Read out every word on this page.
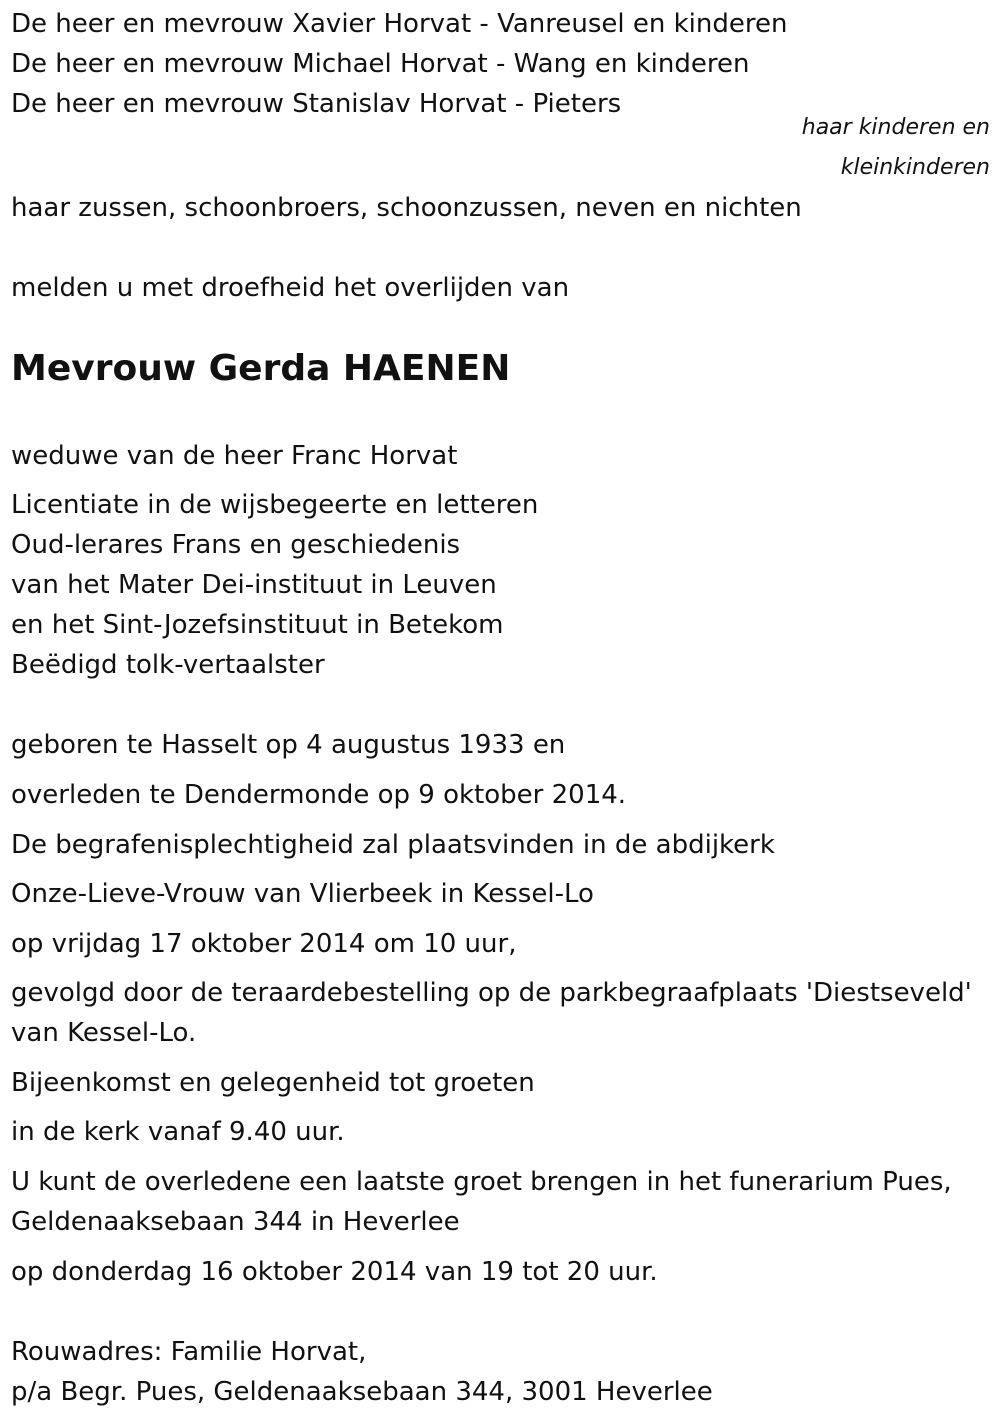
De heer en mevrouw Xavier Horvat - Vanreusel en kinderen
De heer en mevrouw Michael Horvat - Wang en kinderen
De heer en mevrouw Stanislav Horvat - Pieters
haar kinderen en
kleinkinderen
haar zussen, schoonbroers, schoonzussen, neven en nichten
melden u met droefheid het overlijden van
Mevrouw Gerda HAENEN
weduwe van de heer Franc Horvat
Licentiate in de wijsbegeerte en letteren
Oud-lerares Frans en geschiedenis
van het Mater Dei-instituut in Leuven
en het Sint-Jozefsinstituut in Betekom
Beëdigd tolk-vertaalster
geboren te Hasselt op 4 augustus 1933 en
overleden te Dendermonde op 9 oktober 2014.
De begrafenisplechtigheid zal plaatsvinden in de abdijkerk
Onze-Lieve-Vrouw van Vlierbeek in Kessel-Lo
op vrijdag 17 oktober 2014 om 10 uur,
gevolgd door de teraardebestelling op de parkbegraafplaats 'Diestseveld'
van Kessel-Lo.
Bijeenkomst en gelegenheid tot groeten
in de kerk vanaf 9.40 uur.
U kunt de overledene een laatste groet brengen in het funerarium Pues,
Geldenaaksebaan 344 in Heverlee
op donderdag 16 oktober 2014 van 19 tot 20 uur.
Rouwadres: Familie Horvat,
p/a Begr. Pues, Geldenaaksebaan 344, 3001 Heverlee
